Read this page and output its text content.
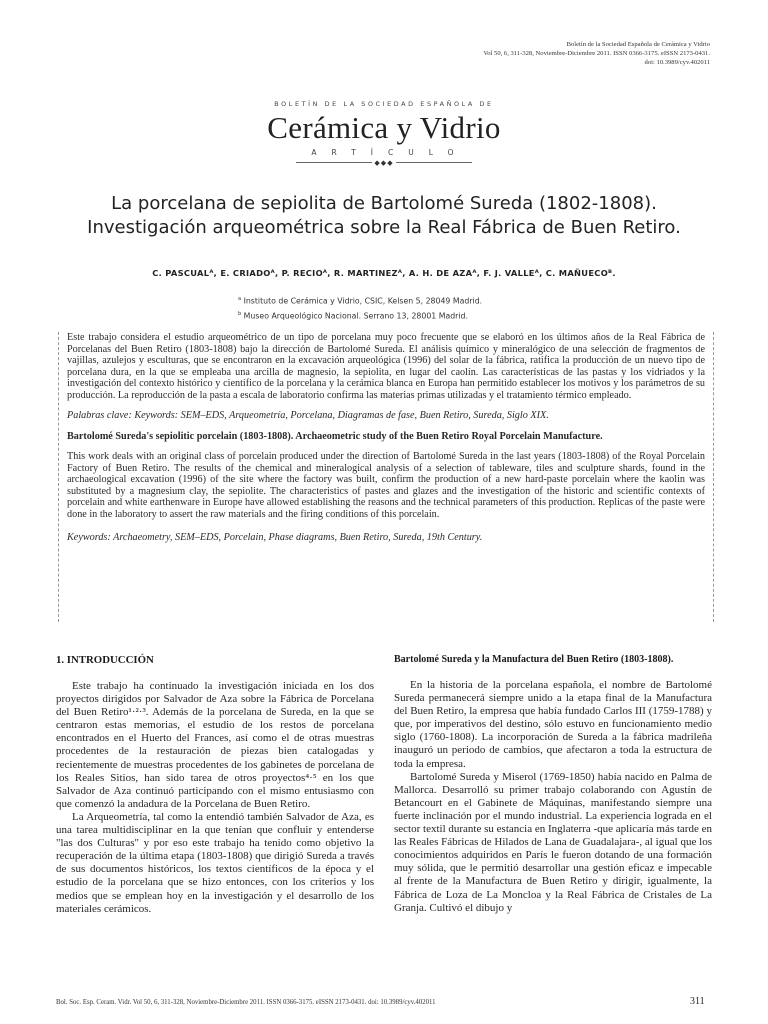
Boletín de la Sociedad Española de Cerámica y Vidrio
Vol 50, 6, 311-328, Noviembre-Diciembre 2011. ISSN 0366-3175. eISSN 2173-0431.
doi: 10.3989/cyv.402011
BOLETÍN DE LA SOCIEDAD ESPAÑOLA DE
Cerámica y Vidrio
ARTÍCULO
◆◆◆
La porcelana de sepiolita de Bartolomé Sureda (1802-1808).
Investigación arqueométrica sobre la Real Fábrica de Buen Retiro.
C. PASCUALᴬ, E. CRIADOᴬ, P. RECIOᴬ, R. MARTINEZᴬ, A. H. DE AZAᴬ, F. J. VALLEᴬ, C. MAÑUECOᴮ.
$^a$ Instituto de Cerámica y Vidrio, CSIC, Kelsen 5, 28049 Madrid.
$^b$ Museo Arqueológico Nacional. Serrano 13, 28001 Madrid.

Este trabajo considera el estudio arqueométrico de un tipo de porcelana muy poco frecuente que se elaboró en los últimos años de la Real Fábrica de Porcelanas del Buen Retiro (1803-1808) bajo la dirección de Bartolomé Sureda. El análisis químico y mineralógico de una selección de fragmentos de vajillas, azulejos y esculturas, que se encontraron en la excavación arqueológica (1996) del solar de la fábrica, ratifica la producción de un nuevo tipo de porcelana dura, en la que se empleaba una arcilla de magnesio, la sepiolita, en lugar del caolín. Las características de las pastas y los vidriados y la investigación del contexto histórico y científico de la porcelana y la cerámica blanca en Europa han permitido establecer los motivos y los parámetros de su producción. La reproducción de la pasta a escala de laboratorio confirma las materias primas utilizadas y el tratamiento térmico empleado.

Palabras clave: Keywords: SEM–EDS, Arqueometría, Porcelana, Diagramas de fase, Buen Retiro, Sureda, Siglo XIX.

Bartolomé Sureda's sepiolitic porcelain (1803-1808). Archaeometric study of the Buen Retiro Royal Porcelain Manufacture.

This work deals with an original class of porcelain produced under the direction of Bartolomé Sureda in the last years (1803-1808) of the Royal Porcelain Factory of Buen Retiro. The results of the chemical and mineralogical analysis of a selection of tableware, tiles and sculpture shards, found in the archaeological excavation (1996) of the site where the factory was built, confirm the production of a new hard-paste porcelain where the kaolin was substituted by a magnesium clay, the sepiolite. The characteristics of pastes and glazes and the investigation of the historic and scientific contexts of porcelain and white earthenware in Europe have allowed establishing the reasons and the technical parameters of this production. Replicas of the paste were done in the laboratory to assert the raw materials and the firing conditions of this porcelain.

Keywords: Archaeometry, SEM–EDS, Porcelain, Phase diagrams, Buen Retiro, Sureda, 19th Century.

1. INTRODUCCIÓN

Este trabajo ha continuado la investigación iniciada en los dos proyectos dirigidos por Salvador de Aza sobre la Fábrica de Porcelana del Buen Retiro¹·²·³. Además de la porcelana de Sureda, en la que se centraron estas memorias, el estudio de los restos de porcelana encontrados en el Huerto del Frances, así como el de otras muestras procedentes de la restauración de piezas bien catalogadas y recientemente de muestras procedentes de los gabinetes de porcelana de los Reales Sitios, han sido tarea de otros proyectos⁴·⁵ en los que Salvador de Aza continuó participando con el mismo entusiasmo con que comenzó la andadura de la Porcelana de Buen Retiro.

La Arqueometría, tal como la entendió también Salvador de Aza, es una tarea multidisciplinar en la que tenían que confluir y entenderse "las dos Culturas" y por eso este trabajo ha tenido como objetivo la recuperación de la última etapa (1803-1808) que dirigió Sureda a través de sus documentos históricos, los textos científicos de la época y el estudio de la porcelana que se hizo entonces, con los criterios y los medios que se emplean hoy en la investigación y el desarrollo de los materiales cerámicos.

Bartolomé Sureda y la Manufactura del Buen Retiro (1803-1808).

En la historia de la porcelana española, el nombre de Bartolomé Sureda permanecerá siempre unido a la etapa final de la Manufactura del Buen Retiro, la empresa que había fundado Carlos III (1759-1788) y que, por imperativos del destino, sólo estuvo en funcionamiento medio siglo (1760-1808). La incorporación de Sureda a la fábrica madrileña inauguró un periodo de cambios, que afectaron a toda la estructura de toda la empresa.

Bartolomé Sureda y Miserol (1769-1850) había nacido en Palma de Mallorca. Desarrolló su primer trabajo colaborando con Agustín de Betancourt en el Gabinete de Máquinas, manifestando siempre una fuerte inclinación por el mundo industrial. La experiencia lograda en el sector textil durante su estancia en Inglaterra -que aplicaría más tarde en las Reales Fábricas de Hilados de Lana de Guadalajara-, al igual que los conocimientos adquiridos en París le fueron dotando de una formación muy sólida, que le permitió desarrollar una gestión eficaz e impecable al frente de la Manufactura de Buen Retiro y dirigir, igualmente, la Fábrica de Loza de La Moncloa y la Real Fábrica de Cristales de La Granja. Cultivó el dibujo y

Bol. Soc. Esp. Ceram. Vidr. Vol 50, 6, 311-328, Noviembre-Diciembre 2011. ISSN 0366-3175. eISSN 2173-0431. doi: 10.3989/cyv.402011	311
